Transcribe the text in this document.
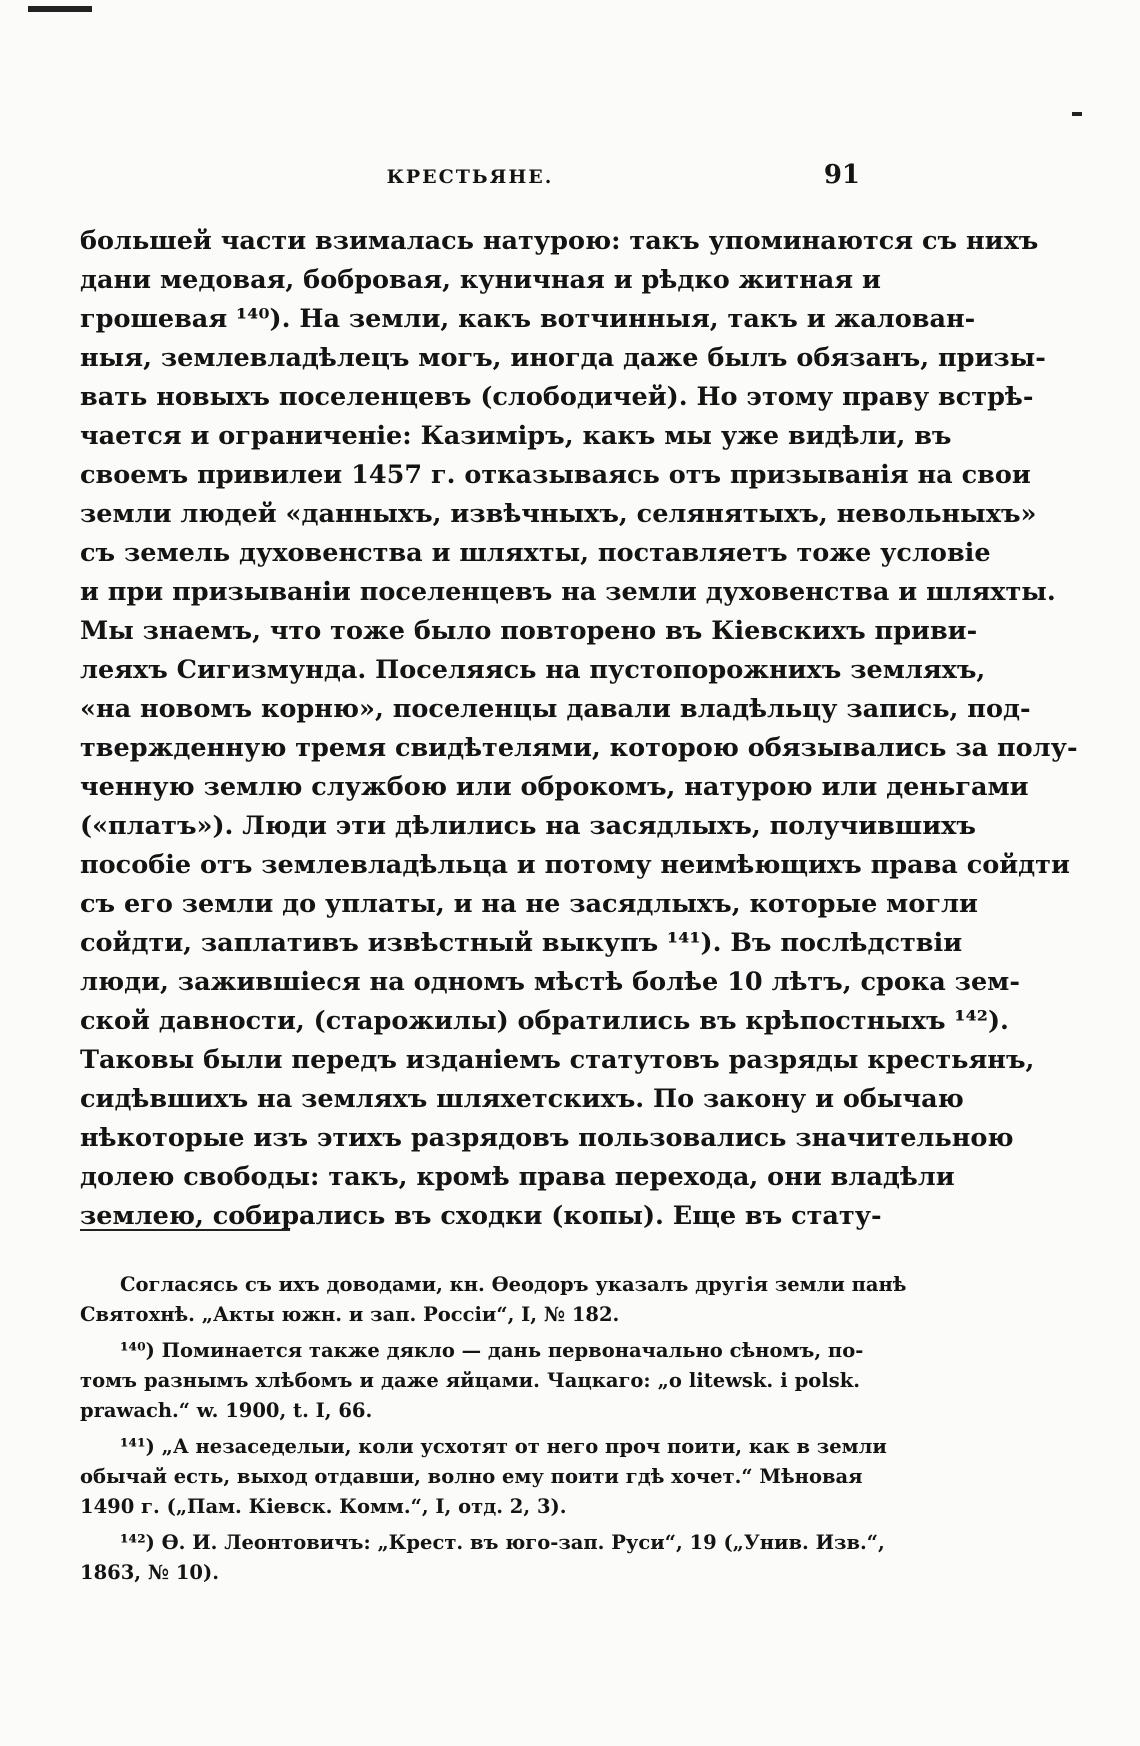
КРЕСТЬЯНЕ.	91
большей части взималась натурою: такъ упоминаются съ нихъ
дани медовая, бобровая, куничная и рѣдко житная и
грошевая ¹⁴⁰). На земли, какъ вотчинныя, такъ и жалован-
ныя, землевладѣлецъ могъ, иногда даже былъ обязанъ, призы-
вать новыхъ поселенцевъ (слободичей). Но этому праву встрѣ-
чается и ограниченіе: Казиміръ, какъ мы уже видѣли, въ
своемъ привилеи 1457 г. отказываясь отъ призыванія на свои
земли людей «данныхъ, извѣчныхъ, селянятыхъ, невольныхъ»
съ земель духовенства и шляхты, поставляетъ тоже условіе
и при призываніи поселенцевъ на земли духовенства и шляхты.
Мы знаемъ, что тоже было повторено въ Кіевскихъ приви-
леяхъ Сигизмунда. Поселяясь на пустопорожнихъ земляхъ,
«на новомъ корню», поселенцы давали владѣльцу запись, под-
твержденную тремя свидѣтелями, которою обязывались за полу-
ченную землю службою или оброкомъ, натурою или деньгами
(«платъ»). Люди эти дѣлились на засядлыхъ, получившихъ
пособіе отъ землевладѣльца и потому неимѣющихъ права сойдти
съ его земли до уплаты, и на не засядлыхъ, которые могли
сойдти, заплативъ извѣстный выкупъ ¹⁴¹). Въ послѣдствіи
люди, зажившіеся на одномъ мѣстѣ болѣе 10 лѣтъ, срока зем-
ской давности, (старожилы) обратились въ крѣпостныхъ ¹⁴²).
Таковы были передъ изданіемъ статутовъ разряды крестьянъ,
сидѣвшихъ на земляхъ шляхетскихъ. По закону и обычаю
нѣкоторые изъ этихъ разрядовъ пользовались значительною
долею свободы: такъ, кромѣ права перехода, они владѣли
землею, собирались въ сходки (копы). Еще въ стату-
Согласясь съ ихъ доводами, кн. Ѳеодоръ указалъ другія земли панѣ
Святохнѣ. „Акты южн. и зап. Россіи“, I, № 182.
¹⁴⁰) Поминается также дякло — дань первоначально сѣномъ, по-
томъ разнымъ хлѣбомъ и даже яйцами. Чацкаго: „o litewsk. i polsk.
prawach.“ w. 1900, t. I, 66.
¹⁴¹) „А незаседелыи, коли усхотят от него проч поити, как в земли
обычай есть, выход отдавши, волно ему поити гдѣ хочет.“ Мѣновая
1490 г. („Пам. Кіевск. Комм.“, I, отд. 2, 3).
¹⁴²) Ѳ. И. Леонтовичъ: „Крест. въ юго-зап. Руси“, 19 („Унив. Изв.“,
1863, № 10).
